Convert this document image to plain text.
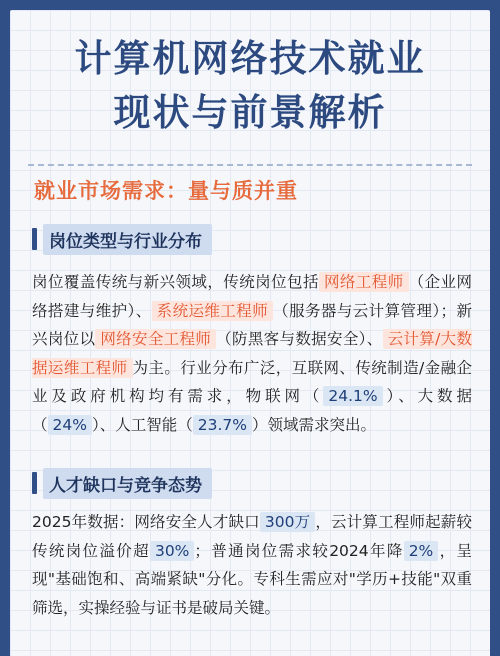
计算机网络技术就业
现状与前景解析
就业市场需求：量与质并重
岗位类型与行业分布
岗位覆盖传统与新兴领域，传统岗位包括 网络工程师 （企业网络搭建与维护）、 系统运维工程师 （服务器与云计算管理）；新兴岗位以 网络安全工程师 （防黑客与数据安全）、 云计算/大数据运维工程师 为主。行业分布广泛，互联网、传统制造/金融企业及政府机构均有需求，物联网（ 24.1% ）、大数据（ 24% ）、人工智能（ 23.7% ）领域需求突出。
人才缺口与竞争态势
2025年数据：网络安全人才缺口 300万 ，云计算工程师起薪较传统岗位溢价超 30% ；普通岗位需求较2024年降 2% ，呈现"基础饱和、高端紧缺"分化。专科生需应对"学历+技能"双重筛选，实操经验与证书是破局关键。
